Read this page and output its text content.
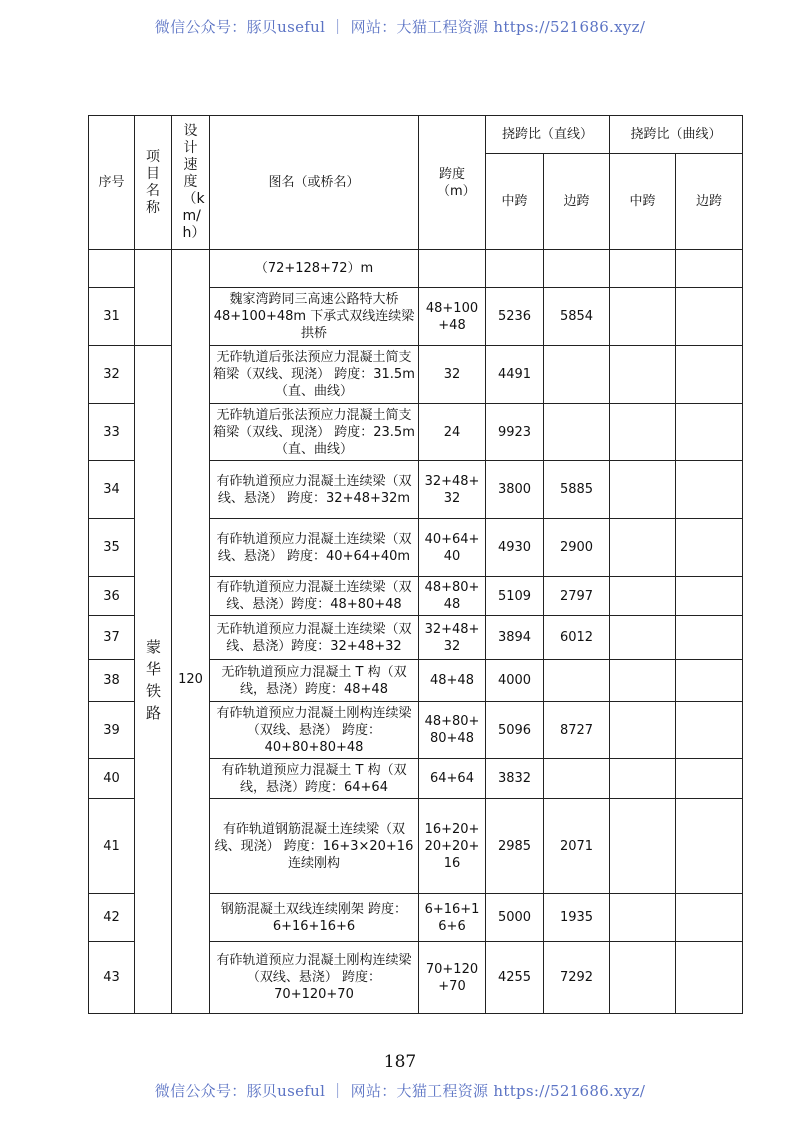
微信公众号：豚贝useful ｜ 网站：大猫工程资源 https://521686.xyz/
序号	项目名称	设计速度（km/h）	图名（或桥名）	跨度（m）	挠跨比（直线）		挠跨比（曲线）	
					中跨	边跨	中跨	边跨
			（72+128+72）m					
31			魏家湾跨同三高速公路特大桥 48+100+48m 下承式双线连续梁拱桥	48+100+48	5236	5854		
32	蒙华铁路	120	无砟轨道后张法预应力混凝土简支箱梁（双线、现浇） 跨度：31.5m （直、曲线）	32	4491			
33			无砟轨道后张法预应力混凝土简支箱梁（双线、现浇） 跨度：23.5m （直、曲线）	24	9923			
34			有砟轨道预应力混凝土连续梁（双线、悬浇） 跨度：32+48+32m	32+48+32	3800	5885		
35			有砟轨道预应力混凝土连续梁（双线、悬浇） 跨度：40+64+40m	40+64+40	4930	2900		
36			有砟轨道预应力混凝土连续梁（双线、悬浇）跨度：48+80+48	48+80+48	5109	2797		
37			无砟轨道预应力混凝土连续梁（双线、悬浇）跨度：32+48+32	32+48+32	3894	6012		
38			无砟轨道预应力混凝土 T 构（双线，悬浇）跨度：48+48	48+48	4000			
39			有砟轨道预应力混凝土刚构连续梁（双线、悬浇） 跨度：40+80+80+48	48+80+80+48	5096	8727		
40			有砟轨道预应力混凝土 T 构（双线，悬浇）跨度：64+64	64+64	3832			
41			有砟轨道钢筋混凝土连续梁（双线、现浇） 跨度：16+3×20+16 连续刚构	16+20+20+20+16	2985	2071		
42			钢筋混凝土双线连续刚架 跨度：6+16+16+6	6+16+16+6	5000	1935		
43			有砟轨道预应力混凝土刚构连续梁（双线、悬浇） 跨度：70+120+70	70+120+70	4255	7292		
187
微信公众号：豚贝useful ｜ 网站：大猫工程资源 https://521686.xyz/
